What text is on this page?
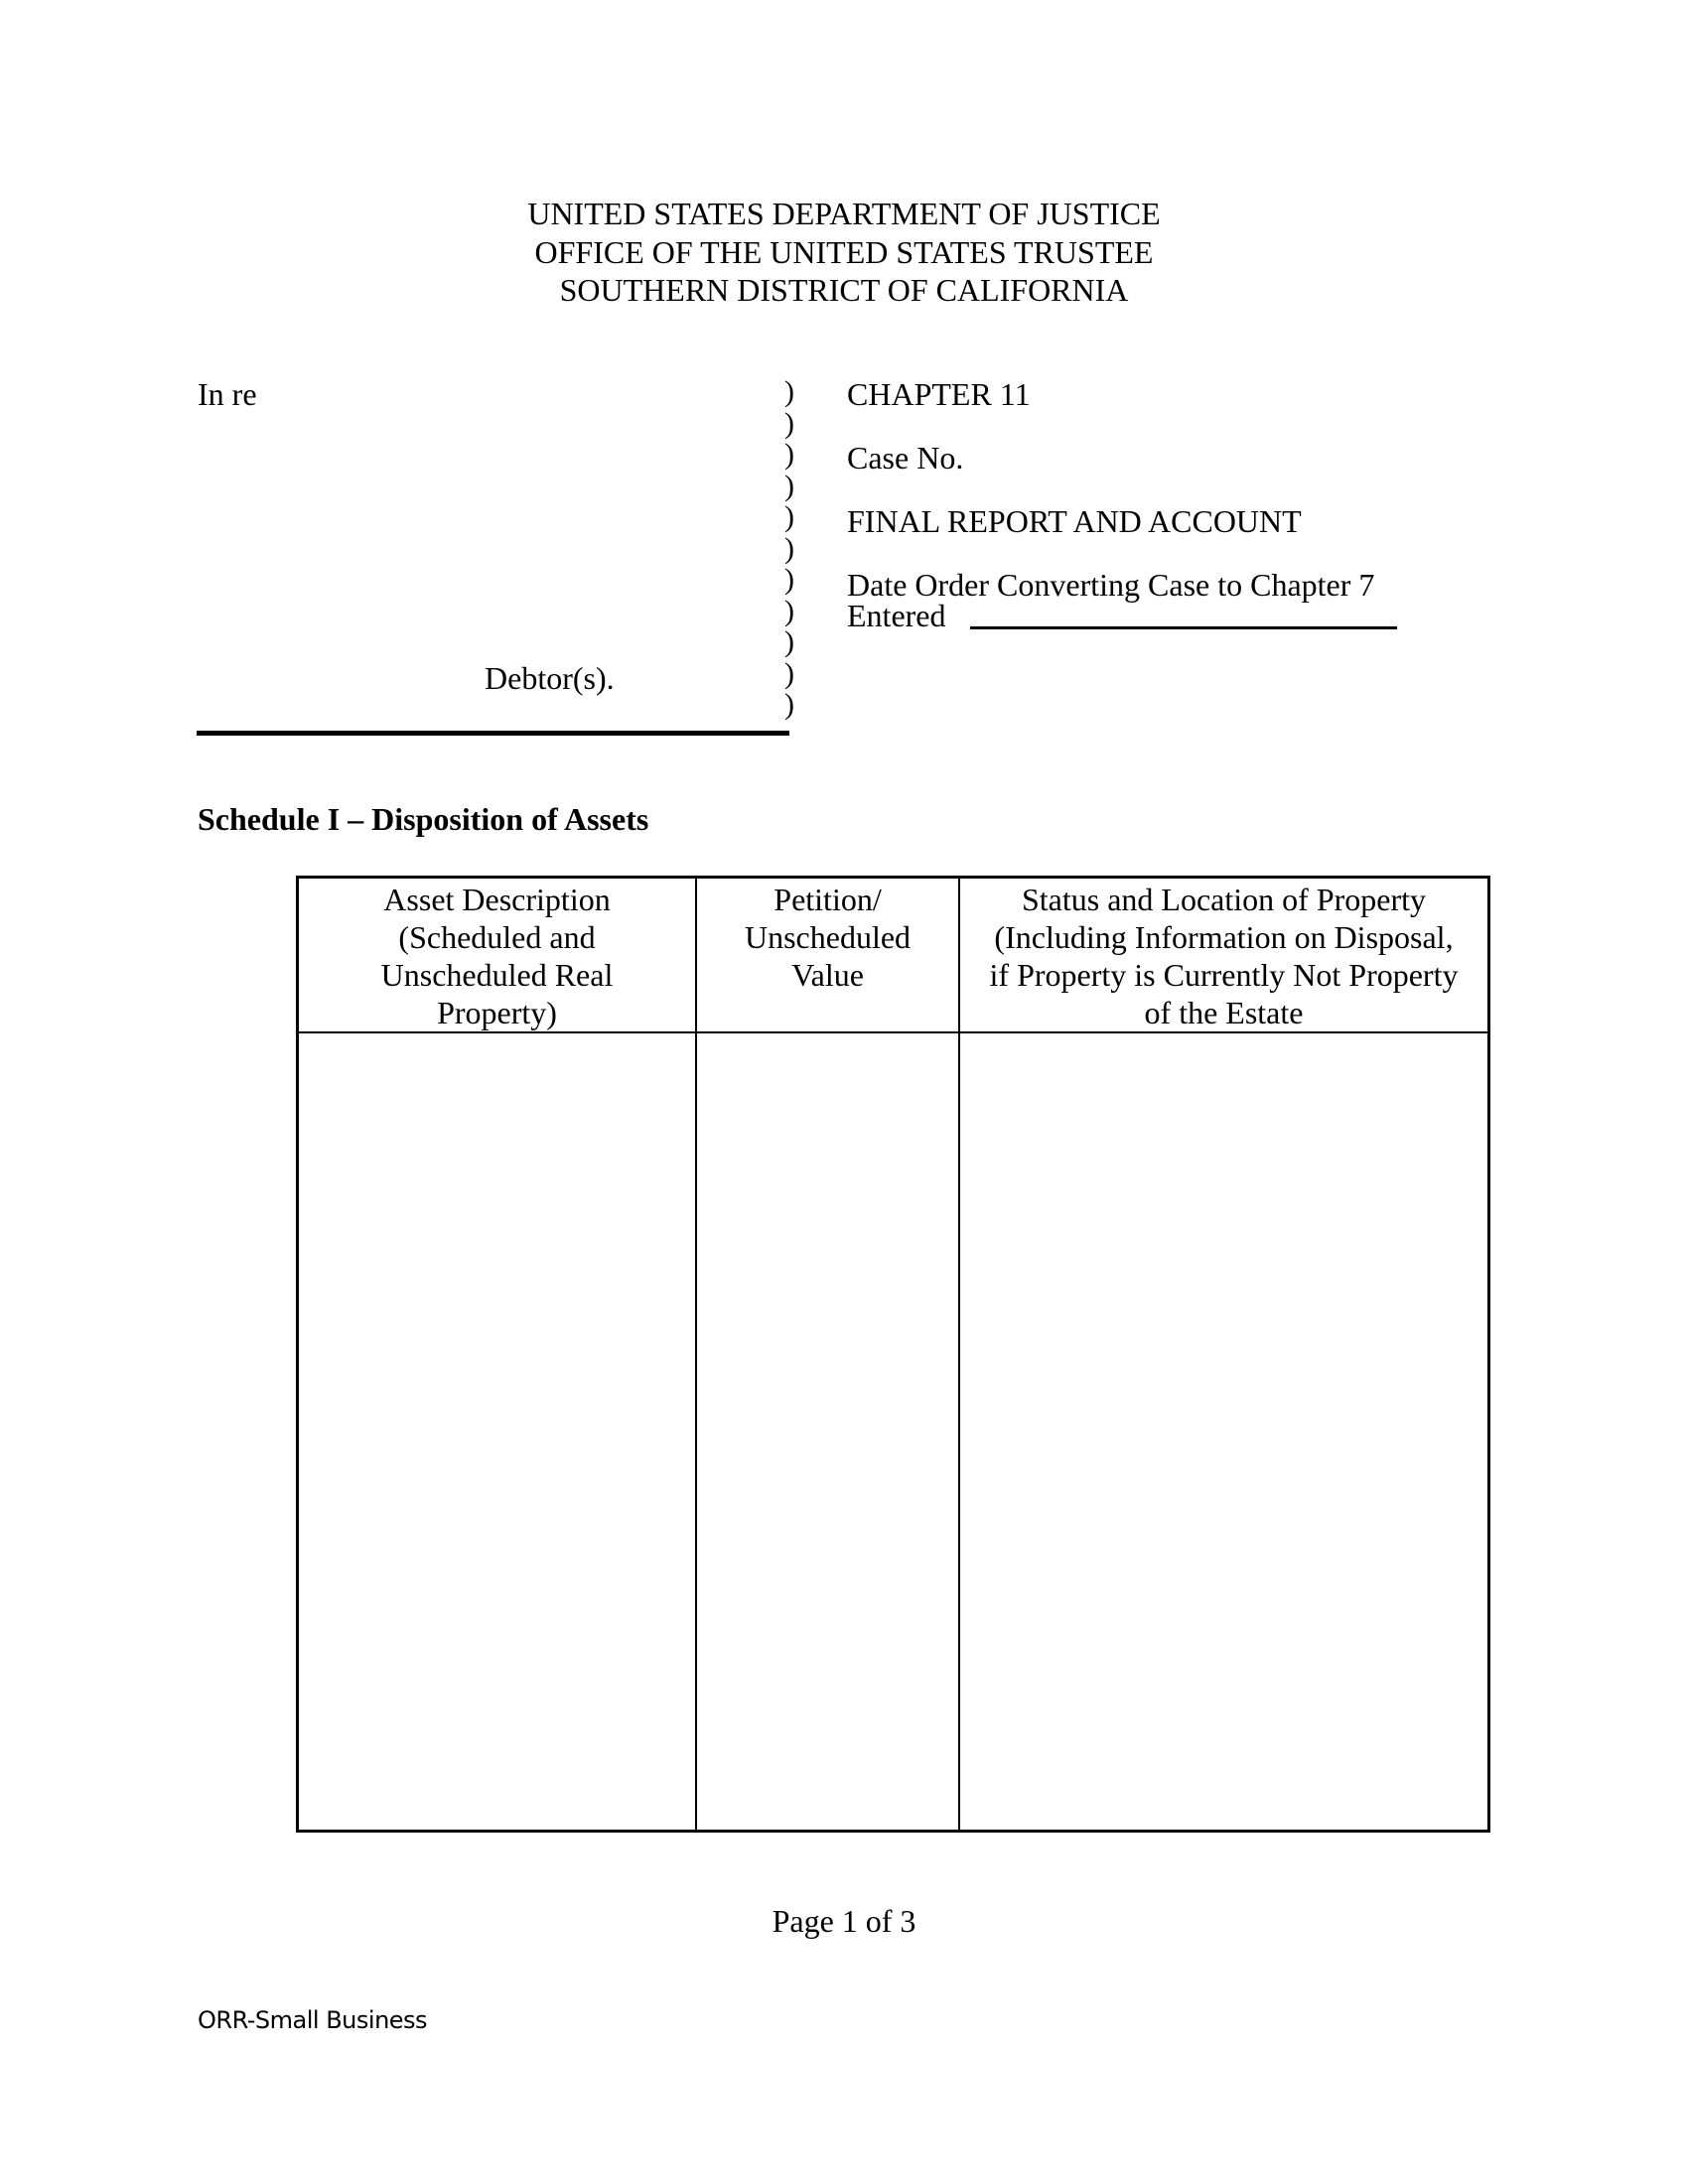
UNITED STATES DEPARTMENT OF JUSTICE
OFFICE OF THE UNITED STATES TRUSTEE
SOUTHERN DISTRICT OF CALIFORNIA
In re
Debtor(s).
)
)
)
)
)
)
)
)
)
)
)
CHAPTER 11
Case No.
FINAL REPORT AND ACCOUNT
Date Order Converting Case to Chapter 7
Entered
Schedule I – Disposition of Assets
Asset Description
(Scheduled and
Unscheduled Real
Property)
Petition/
Unscheduled
Value
Status and Location of Property
(Including Information on Disposal,
if Property is Currently Not Property
of the Estate
Page 1 of 3
ORR-Small Business
